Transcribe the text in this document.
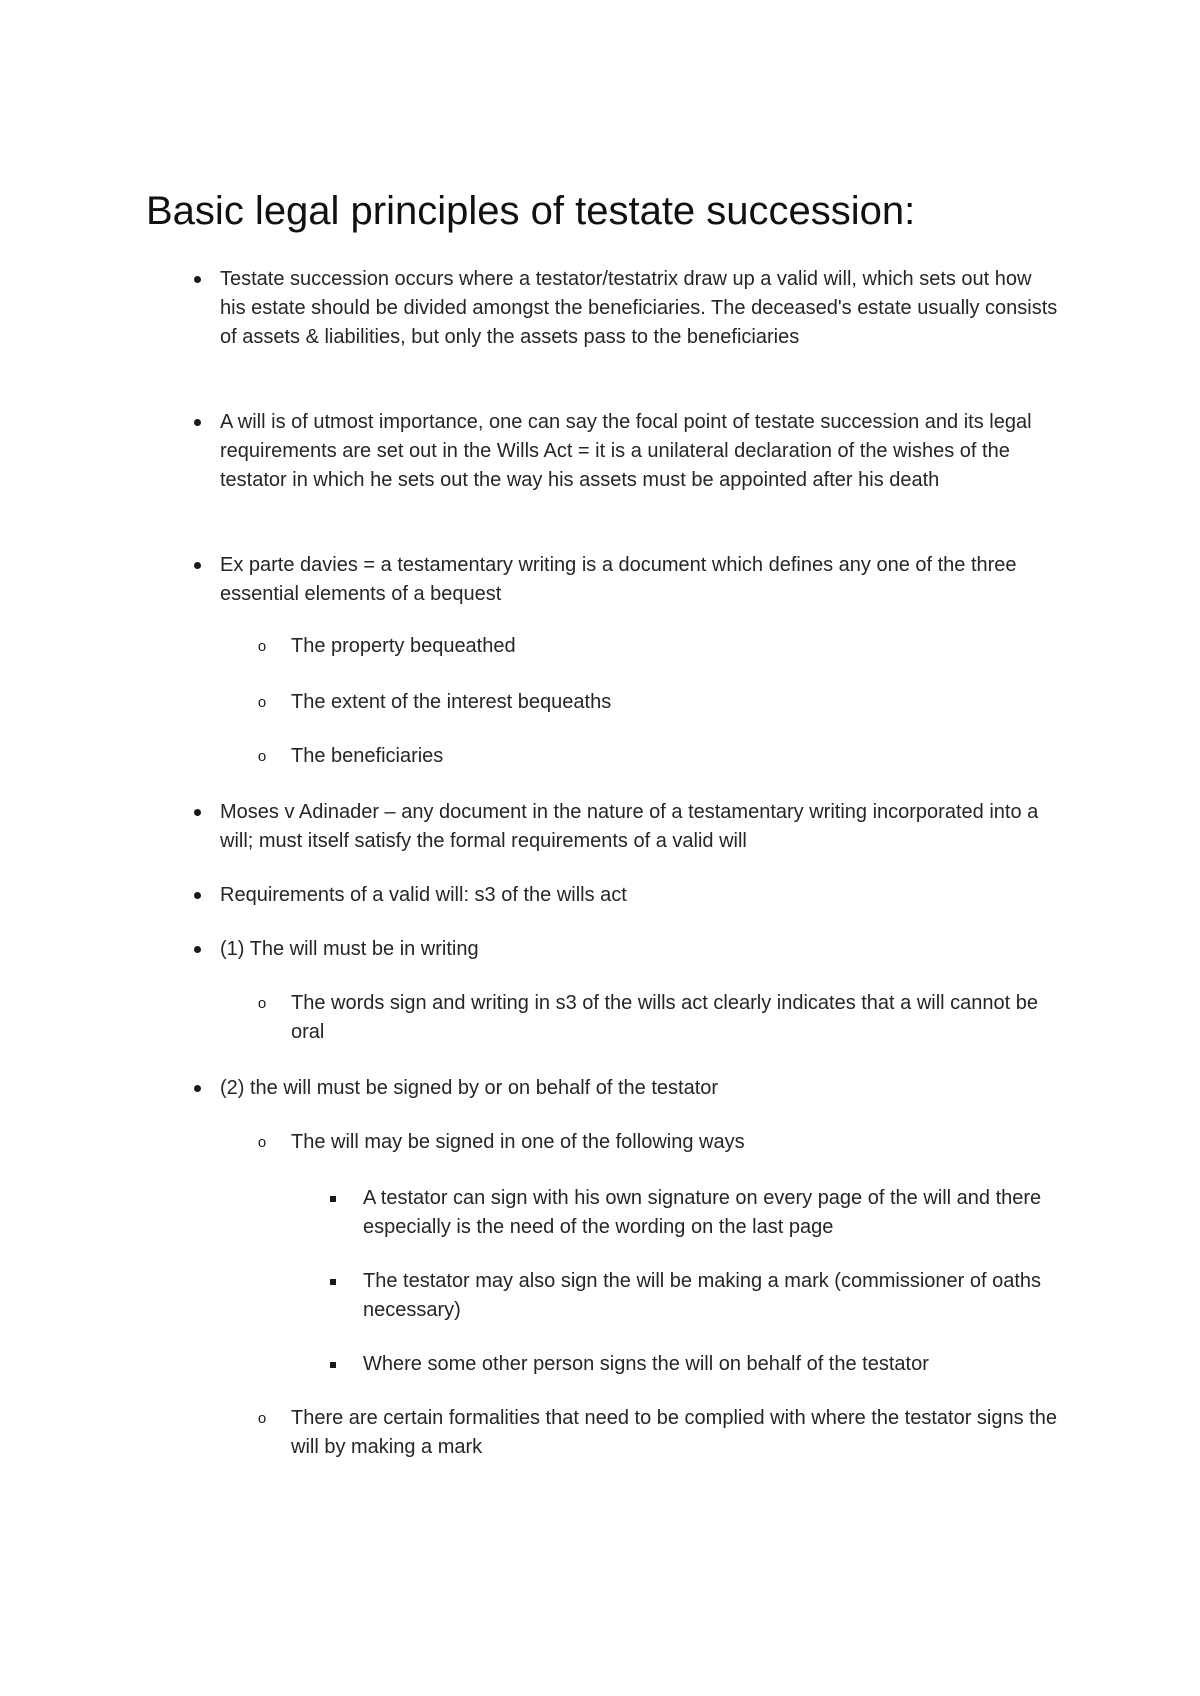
Basic legal principles of testate succession:
Testate succession occurs where a testator/testatrix draw up a valid will, which sets out how his estate should be divided amongst the beneficiaries. The deceased's estate usually consists of assets & liabilities, but only the assets pass to the beneficiaries
A will is of utmost importance, one can say the focal point of testate succession and its legal requirements are set out in the Wills Act = it is a unilateral declaration of the wishes of the testator in which he sets out the way his assets must be appointed after his death
Ex parte davies = a testamentary writing is a document which defines any one of the three essential elements of a bequest
o The property bequeathed
o The extent of the interest bequeaths
o The beneficiaries
Moses v Adinader – any document in the nature of a testamentary writing incorporated into a will; must itself satisfy the formal requirements of a valid will
Requirements of a valid will: s3 of the wills act
(1) The will must be in writing
o The words sign and writing in s3 of the wills act clearly indicates that a will cannot be oral
(2) the will must be signed by or on behalf of the testator
o The will may be signed in one of the following ways
A testator can sign with his own signature on every page of the will and there especially is the need of the wording on the last page
The testator may also sign the will be making a mark (commissioner of oaths necessary)
Where some other person signs the will on behalf of the testator
o There are certain formalities that need to be complied with where the testator signs the will by making a mark
